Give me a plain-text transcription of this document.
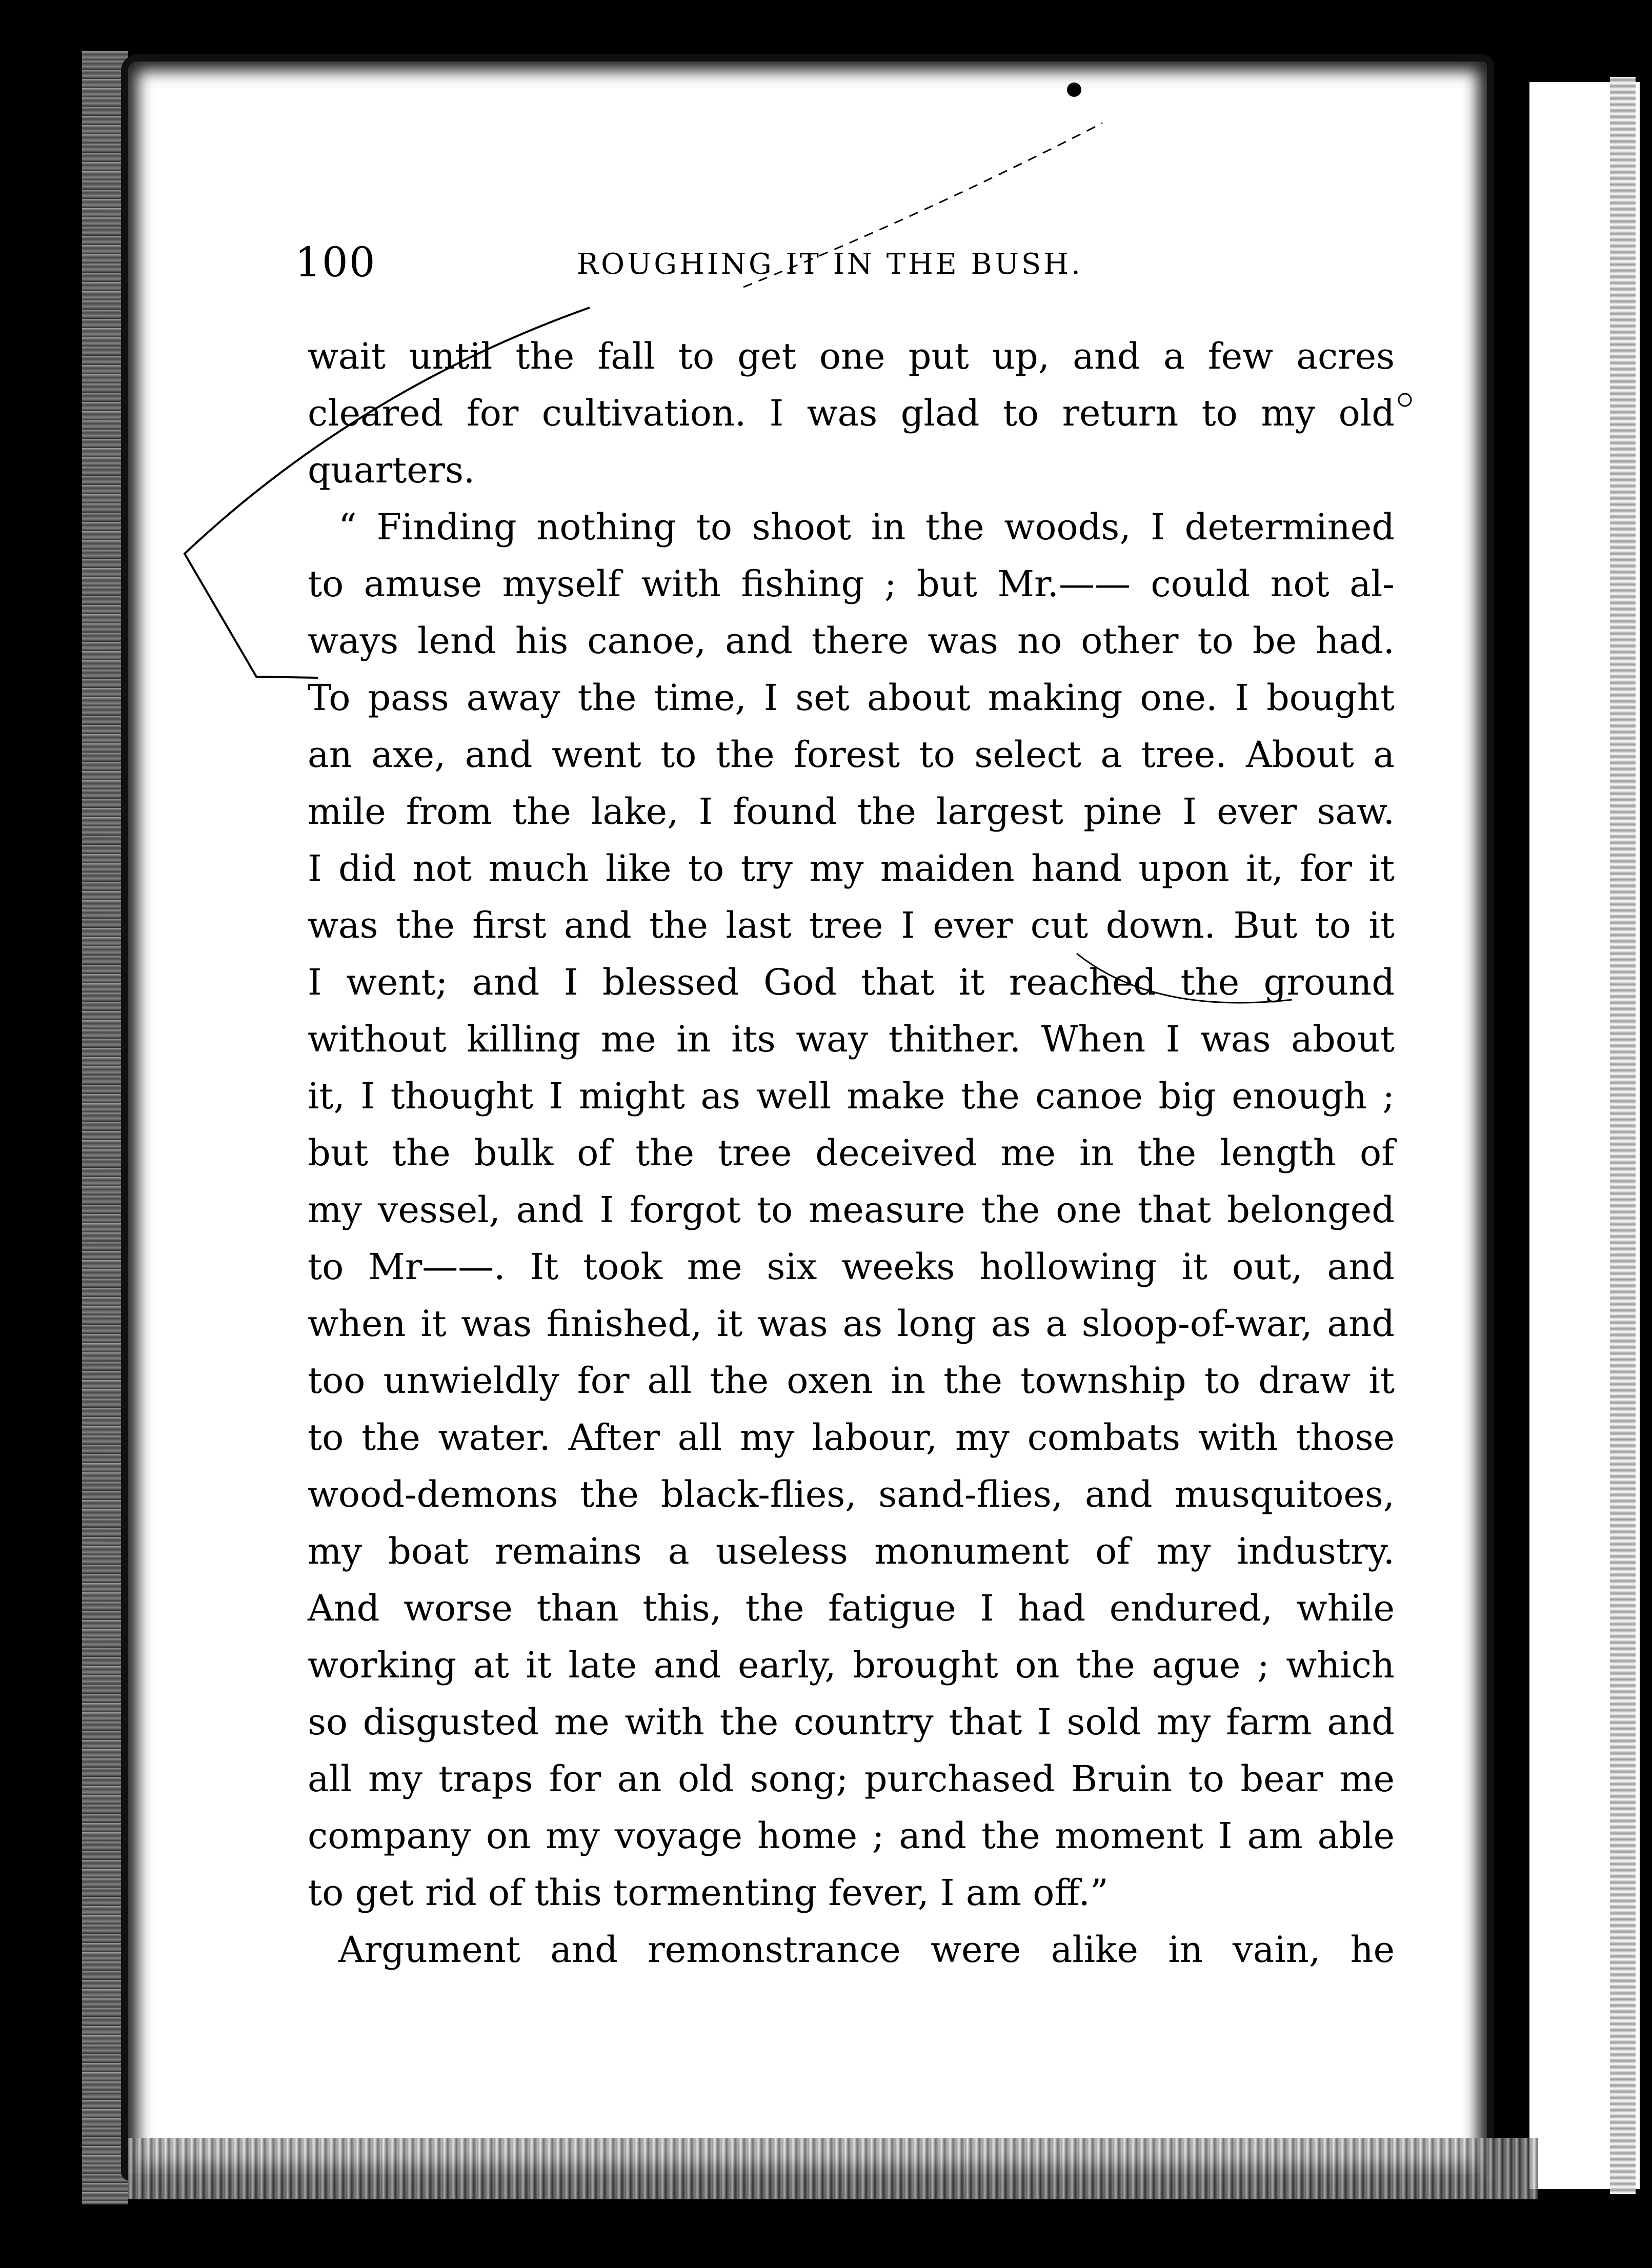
100	ROUGHING IT IN THE BUSH.
wait until the fall to get one put up, and a few acres
cleared for cultivation. I was glad to return to my old
quarters.
“ Finding nothing to shoot in the woods, I determined
to amuse myself with fishing ; but Mr.—— could not al-
ways lend his canoe, and there was no other to be had.
To pass away the time, I set about making one. I bought
an axe, and went to the forest to select a tree. About a
mile from the lake, I found the largest pine I ever saw.
I did not much like to try my maiden hand upon it, for it
was the first and the last tree I ever cut down. But to it
I went; and I blessed God that it reached the ground
without killing me in its way thither. When I was about
it, I thought I might as well make the canoe big enough ;
but the bulk of the tree deceived me in the length of
my vessel, and I forgot to measure the one that belonged
to Mr——. It took me six weeks hollowing it out, and
when it was finished, it was as long as a sloop-of-war, and
too unwieldly for all the oxen in the township to draw it
to the water. After all my labour, my combats with those
wood-demons the black-flies, sand-flies, and musquitoes,
my boat remains a useless monument of my industry.
And worse than this, the fatigue I had endured, while
working at it late and early, brought on the ague ; which
so disgusted me with the country that I sold my farm and
all my traps for an old song; purchased Bruin to bear me
company on my voyage home ; and the moment I am able
to get rid of this tormenting fever, I am off.”
Argument and remonstrance were alike in vain, he
